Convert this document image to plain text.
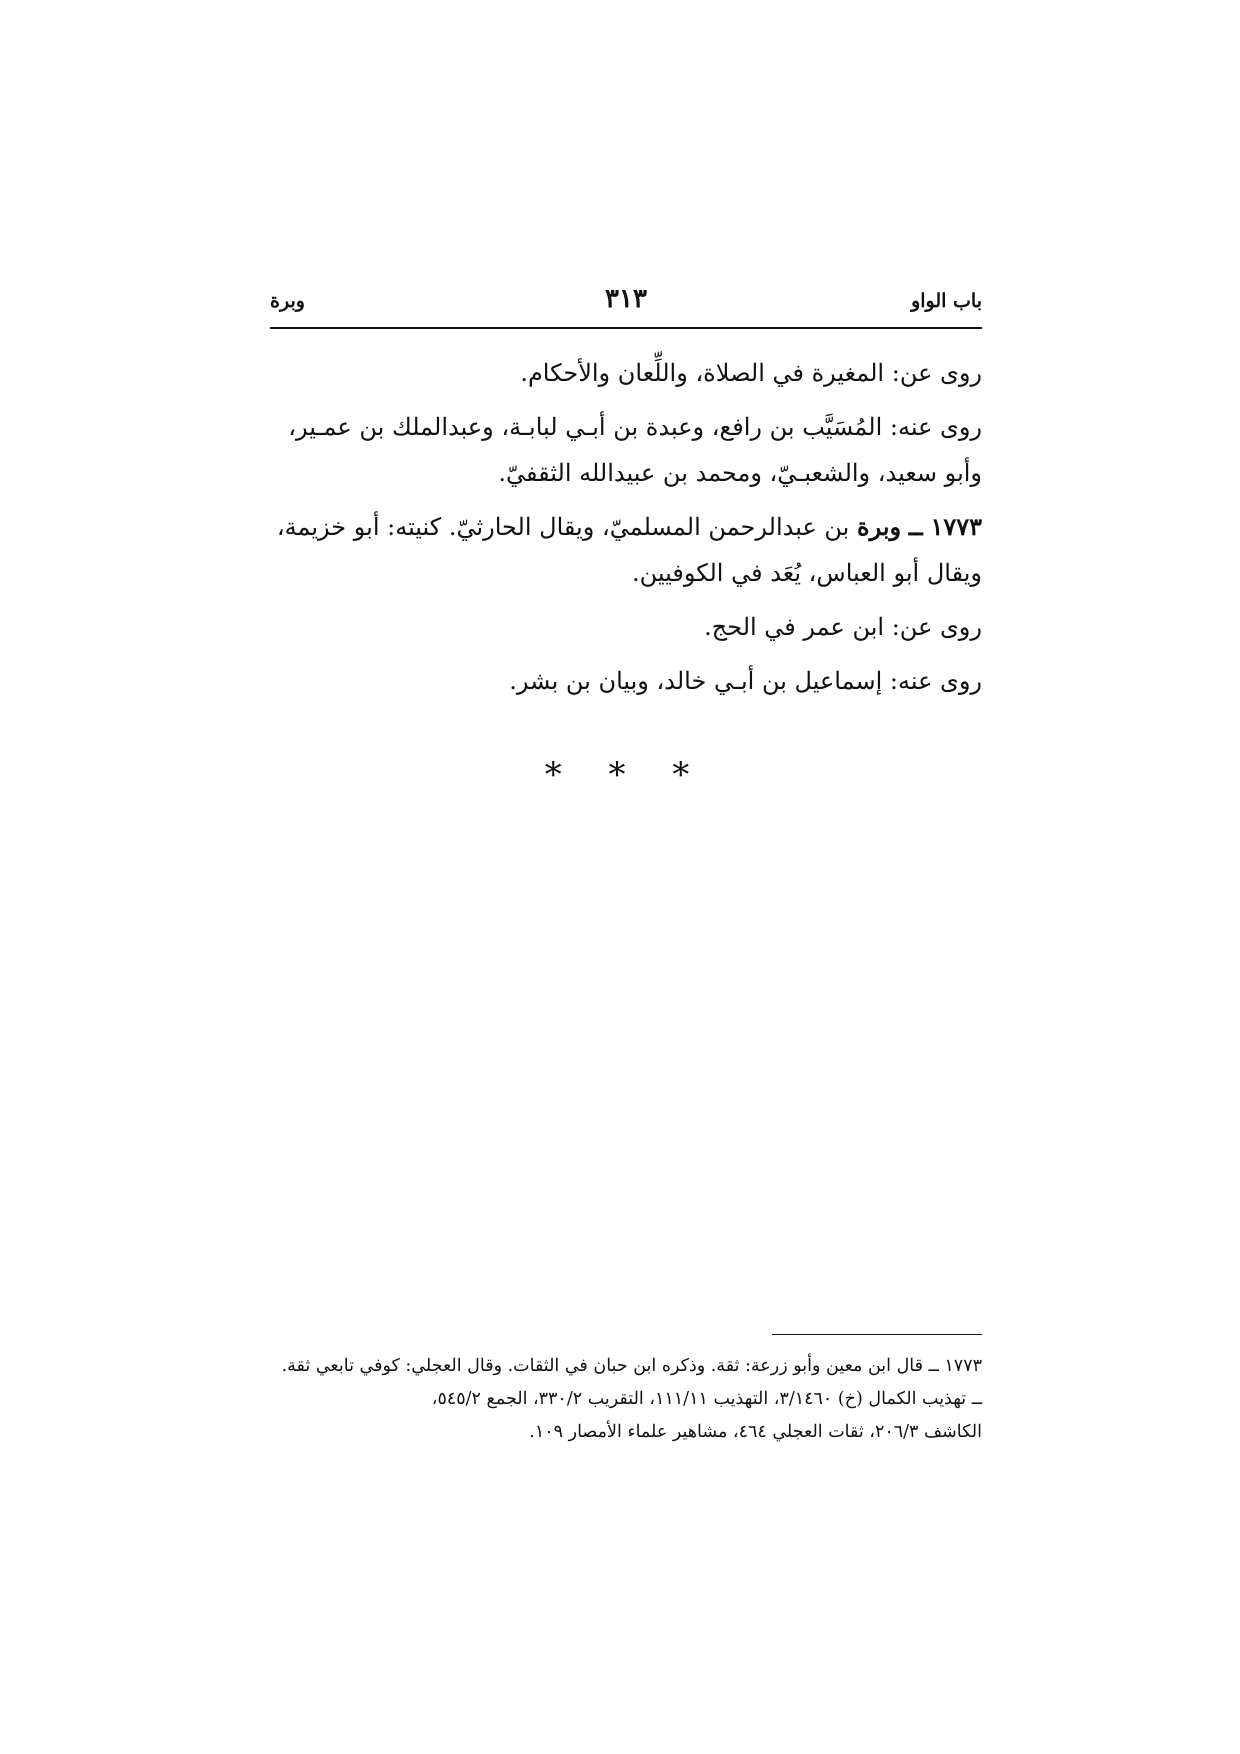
باب الواو
٣١٣
وبرة

روى عن: المغيرة في الصلاة، واللِّعان والأحكام.

روى عنه: المُسَيَّب بن رافع، وعبدة بن أبـي لبابـة، وعبدالملك بن عمـير،
وأبو سعيد، والشعبـيّ، ومحمد بن عبيدالله الثقفيّ.

١٧٧٣ ــ وبرة بن عبدالرحمن المسلميّ، ويقال الحارثيّ. كنيته: أبو خزيمة،
ويقال أبو العباس، يُعَد في الكوفيين.

روى عن: ابن عمر في الحج.

روى عنه: إسماعيل بن أبـي خالد، وبيان بن بشر.

* * *

١٧٧٣ ــ قال ابن معين وأبو زرعة: ثقة. وذكره ابن حبان في الثقات. وقال العجلي: كوفي تابعي ثقة.

ــ تهذيب الكمال (خ) ٣/١٤٦٠، التهذيب ١١١/١١، التقريب ٣٣٠/٢، الجمع ٥٤٥/٢،

الكاشف ٢٠٦/٣، ثقات العجلي ٤٦٤، مشاهير علماء الأمصار ١٠٩.
